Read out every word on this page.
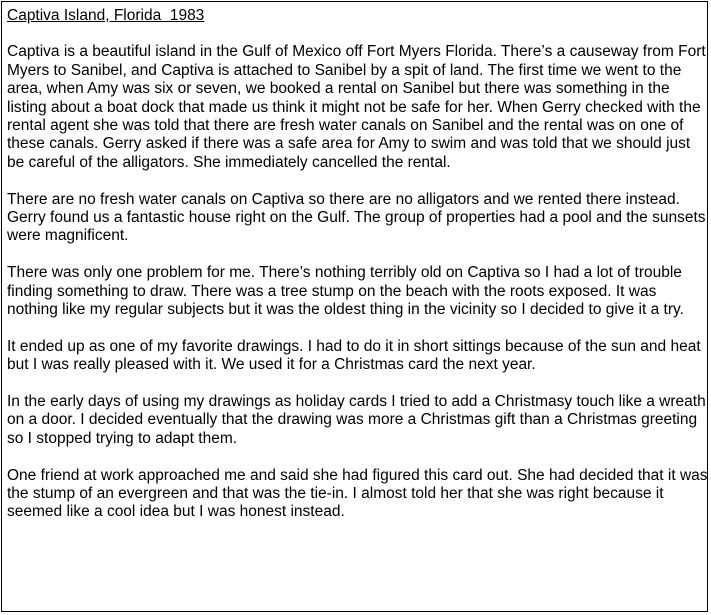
Captiva Island, Florida  1983

Captiva is a beautiful island in the Gulf of Mexico off Fort Myers Florida. There’s a causeway from Fort Myers to Sanibel, and Captiva is attached to Sanibel by a spit of land. The first time we went to the area, when Amy was six or seven, we booked a rental on Sanibel but there was something in the listing about a boat dock that made us think it might not be safe for her. When Gerry checked with the rental agent she was told that there are fresh water canals on Sanibel and the rental was on one of these canals. Gerry asked if there was a safe area for Amy to swim and was told that we should just be careful of the alligators. She immediately cancelled the rental.

There are no fresh water canals on Captiva so there are no alligators and we rented there instead. Gerry found us a fantastic house right on the Gulf. The group of properties had a pool and the sunsets were magnificent.

There was only one problem for me. There’s nothing terribly old on Captiva so I had a lot of trouble finding something to draw. There was a tree stump on the beach with the roots exposed. It was nothing like my regular subjects but it was the oldest thing in the vicinity so I decided to give it a try.

It ended up as one of my favorite drawings. I had to do it in short sittings because of the sun and heat but I was really pleased with it. We used it for a Christmas card the next year.

In the early days of using my drawings as holiday cards I tried to add a Christmasy touch like a wreath on a door. I decided eventually that the drawing was more a Christmas gift than a Christmas greeting so I stopped trying to adapt them.

One friend at work approached me and said she had figured this card out. She had decided that it was the stump of an evergreen and that was the tie-in. I almost told her that she was right because it seemed like a cool idea but I was honest instead.
